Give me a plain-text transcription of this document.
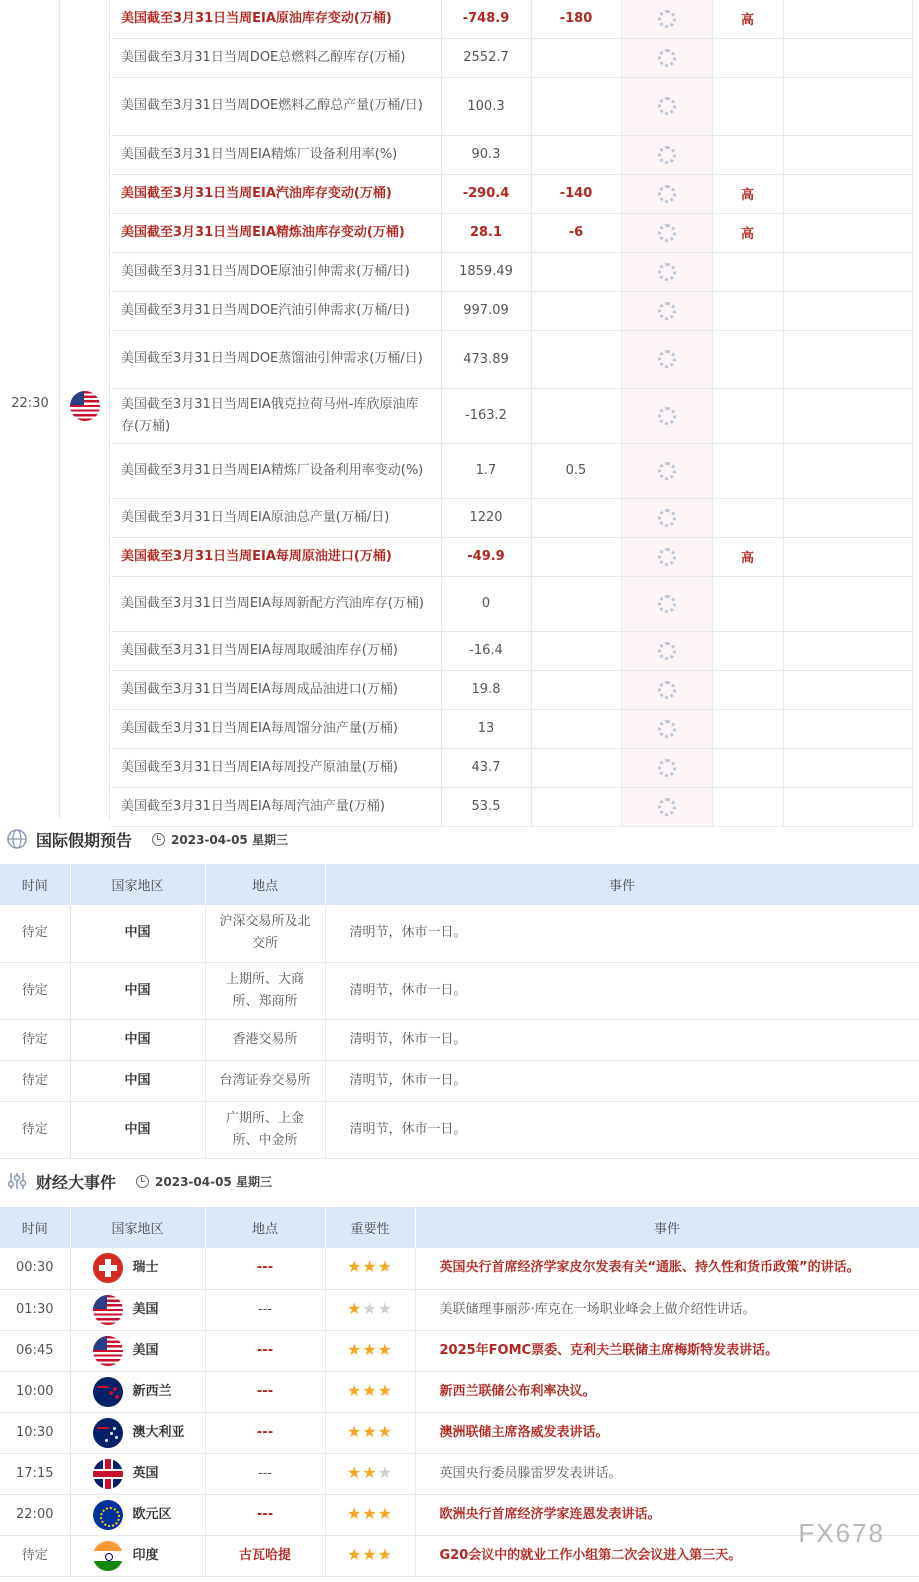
22:30
美国截至3月31日当周EIA原油库存变动(万桶)	-748.9	-180		高	
美国截至3月31日当周DOE总燃料乙醇库存(万桶)	2552.7				
美国截至3月31日当周DOE燃料乙醇总产量(万桶/日)	100.3				
美国截至3月31日当周EIA精炼厂设备利用率(%)	90.3				
美国截至3月31日当周EIA汽油库存变动(万桶)	-290.4	-140		高	
美国截至3月31日当周EIA精炼油库存变动(万桶)	28.1	-6		高	
美国截至3月31日当周DOE原油引伸需求(万桶/日)	1859.49				
美国截至3月31日当周DOE汽油引伸需求(万桶/日)	997.09				
美国截至3月31日当周DOE蒸馏油引伸需求(万桶/日)	473.89				
美国截至3月31日当周EIA俄克拉荷马州-库欣原油库存(万桶)	-163.2				
美国截至3月31日当周EIA精炼厂设备利用率变动(%)	1.7	0.5			
美国截至3月31日当周EIA原油总产量(万桶/日)	1220				
美国截至3月31日当周EIA每周原油进口(万桶)	-49.9			高	
美国截至3月31日当周EIA每周新配方汽油库存(万桶)	0				
美国截至3月31日当周EIA每周取暖油库存(万桶)	-16.4				
美国截至3月31日当周EIA每周成品油进口(万桶)	19.8				
美国截至3月31日当周EIA每周馏分油产量(万桶)	13				
美国截至3月31日当周EIA每周投产原油量(万桶)	43.7				
美国截至3月31日当周EIA每周汽油产量(万桶)	53.5				
国际假期预告	2023-04-05 星期三
时间	国家地区	地点	事件
待定	中国	沪深交易所及北交所	清明节，休市一日。
待定	中国	上期所、大商所、郑商所	清明节，休市一日。
待定	中国	香港交易所	清明节，休市一日。
待定	中国	台湾证券交易所	清明节，休市一日。
待定	中国	广期所、上金所、中金所	清明节，休市一日。
财经大事件	2023-04-05 星期三
时间	国家地区	地点	重要性	事件
00:30	瑞士	---	★★★	英国央行首席经济学家皮尔发表有关“通胀、持久性和货币政策”的讲话。
01:30	美国	---	★★★	美联储理事丽莎·库克在一场职业峰会上做介绍性讲话。
06:45	美国	---	★★★	2025年FOMC票委、克利夫兰联储主席梅斯特发表讲话。
10:00	新西兰	---	★★★	新西兰联储公布利率决议。
10:30	澳大利亚	---	★★★	澳洲联储主席洛威发表讲话。
17:15	英国	---	★★★	英国央行委员滕雷罗发表讲话。
22:00	欧元区	---	★★★	欧洲央行首席经济学家连恩发表讲话。
待定	印度	古瓦哈提	★★★	G20会议中的就业工作小组第二次会议进入第三天。
FX678
